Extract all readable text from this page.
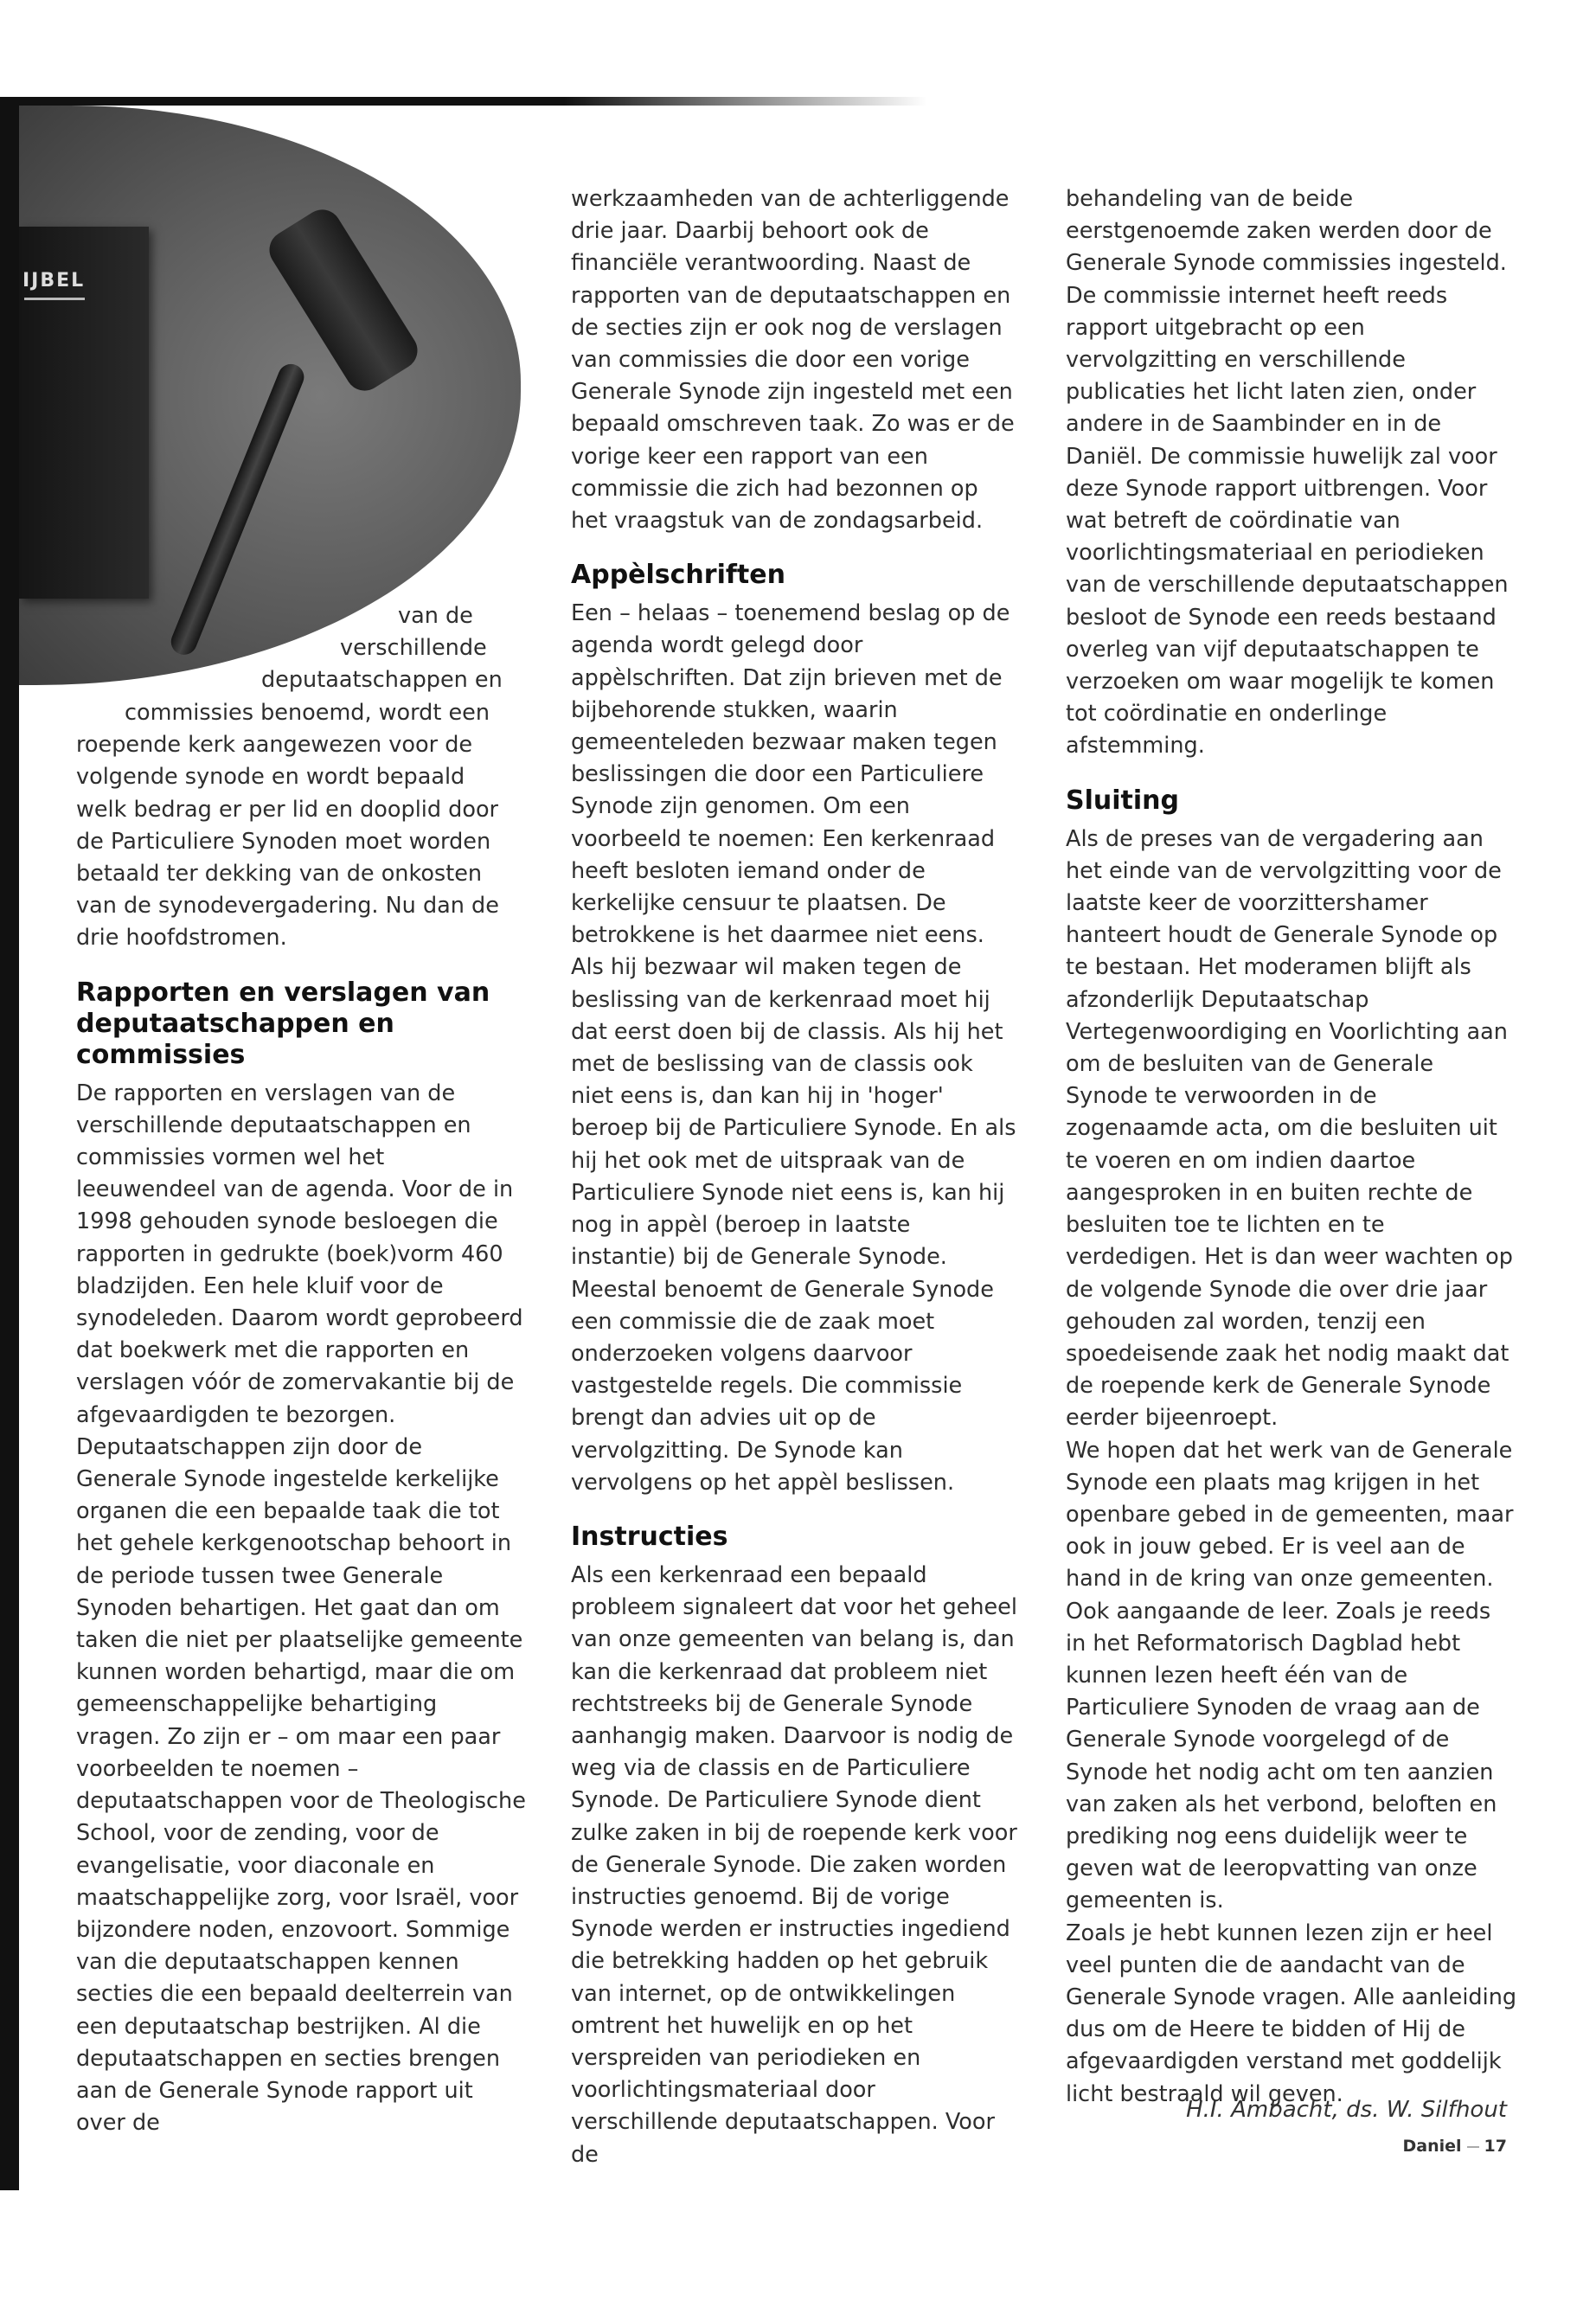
IJBEL

van de

verschillende

deputaatschappen en

commissies benoemd, wordt een

roepende kerk aangewezen voor de

volgende synode en wordt bepaald

welk bedrag er per lid en dooplid door

de Particuliere Synoden moet worden

betaald ter dekking van de onkosten

van de synodevergadering. Nu dan de

drie hoofdstromen.

Rapporten en verslagen van deputaatschappen en commissies

De rapporten en verslagen van de verschillende deputaatschappen en commissies vormen wel het leeuwendeel van de agenda. Voor de in 1998 gehouden synode besloegen die rapporten in gedrukte (boek)vorm 460 bladzijden. Een hele kluif voor de synodeleden. Daarom wordt geprobeerd dat boekwerk met die rapporten en verslagen vóór de zomervakantie bij de afgevaardigden te bezorgen. Deputaatschappen zijn door de Generale Synode ingestelde kerkelijke organen die een bepaalde taak die tot het gehele kerkgenootschap behoort in de periode tussen twee Generale Synoden behartigen. Het gaat dan om taken die niet per plaatselijke gemeente kunnen worden behartigd, maar die om gemeenschappelijke behartiging vragen. Zo zijn er – om maar een paar voorbeelden te noemen – deputaatschappen voor de Theologische School, voor de zending, voor de evangelisatie, voor diaconale en maatschappelijke zorg, voor Israël, voor bijzondere noden, enzovoort. Sommige van die deputaatschappen kennen secties die een bepaald deelterrein van een deputaatschap bestrijken. Al die deputaatschappen en secties brengen aan de Generale Synode rapport uit over de

werkzaamheden van de achterliggende drie jaar. Daarbij behoort ook de financiële verantwoording. Naast de rapporten van de deputaatschappen en de secties zijn er ook nog de verslagen van commissies die door een vorige Generale Synode zijn ingesteld met een bepaald omschreven taak. Zo was er de vorige keer een rapport van een commissie die zich had bezonnen op het vraagstuk van de zondagsarbeid.

Appèlschriften

Een – helaas – toenemend beslag op de agenda wordt gelegd door appèlschriften. Dat zijn brieven met de bijbehorende stukken, waarin gemeenteleden bezwaar maken tegen beslissingen die door een Particuliere Synode zijn genomen. Om een voorbeeld te noemen: Een kerkenraad heeft besloten iemand onder de kerkelijke censuur te plaatsen. De betrokkene is het daarmee niet eens. Als hij bezwaar wil maken tegen de beslissing van de kerkenraad moet hij dat eerst doen bij de classis. Als hij het met de beslissing van de classis ook niet eens is, dan kan hij in 'hoger' beroep bij de Particuliere Synode. En als hij het ook met de uitspraak van de Particuliere Synode niet eens is, kan hij nog in appèl (beroep in laatste instantie) bij de Generale Synode. Meestal benoemt de Generale Synode een commissie die de zaak moet onderzoeken volgens daarvoor vastgestelde regels. Die commissie brengt dan advies uit op de vervolgzitting. De Synode kan vervolgens op het appèl beslissen.

Instructies

Als een kerkenraad een bepaald probleem signaleert dat voor het geheel van onze gemeenten van belang is, dan kan die kerkenraad dat probleem niet rechtstreeks bij de Generale Synode aanhangig maken. Daarvoor is nodig de weg via de classis en de Particuliere Synode. De Particuliere Synode dient zulke zaken in bij de roepende kerk voor de Generale Synode. Die zaken worden instructies genoemd. Bij de vorige Synode werden er instructies ingediend die betrekking hadden op het gebruik van internet, op de ontwikkelingen omtrent het huwelijk en op het verspreiden van periodieken en voorlichtingsmateriaal door verschillende deputaatschappen. Voor de

behandeling van de beide eerstgenoemde zaken werden door de Generale Synode commissies ingesteld. De commissie internet heeft reeds rapport uitgebracht op een vervolgzitting en verschillende publicaties het licht laten zien, onder andere in de Saambinder en in de Daniël. De commissie huwelijk zal voor deze Synode rapport uitbrengen. Voor wat betreft de coördinatie van voorlichtingsmateriaal en periodieken van de verschillende deputaatschappen besloot de Synode een reeds bestaand overleg van vijf deputaatschappen te verzoeken om waar mogelijk te komen tot coördinatie en onderlinge afstemming.

Sluiting

Als de preses van de vergadering aan het einde van de vervolgzitting voor de laatste keer de voorzittershamer hanteert houdt de Generale Synode op te bestaan. Het moderamen blijft als afzonderlijk Deputaatschap Vertegenwoordiging en Voorlichting aan om de besluiten van de Generale Synode te verwoorden in de zogenaamde acta, om die besluiten uit te voeren en om indien daartoe aangesproken in en buiten rechte de besluiten toe te lichten en te verdedigen. Het is dan weer wachten op de volgende Synode die over drie jaar gehouden zal worden, tenzij een spoedeisende zaak het nodig maakt dat de roepende kerk de Generale Synode eerder bijeenroept.

We hopen dat het werk van de Generale Synode een plaats mag krijgen in het openbare gebed in de gemeenten, maar ook in jouw gebed. Er is veel aan de hand in de kring van onze gemeenten. Ook aangaande de leer. Zoals je reeds in het Reformatorisch Dagblad hebt kunnen lezen heeft één van de Particuliere Synoden de vraag aan de Generale Synode voorgelegd of de Synode het nodig acht om ten aanzien van zaken als het verbond, beloften en prediking nog eens duidelijk weer te geven wat de leeropvatting van onze gemeenten is.

Zoals je hebt kunnen lezen zijn er heel veel punten die de aandacht van de Generale Synode vragen. Alle aanleiding dus om de Heere te bidden of Hij de afgevaardigden verstand met goddelijk licht bestraald wil geven.

H.I. Ambacht, ds. W. Silfhout
Daniel 17
